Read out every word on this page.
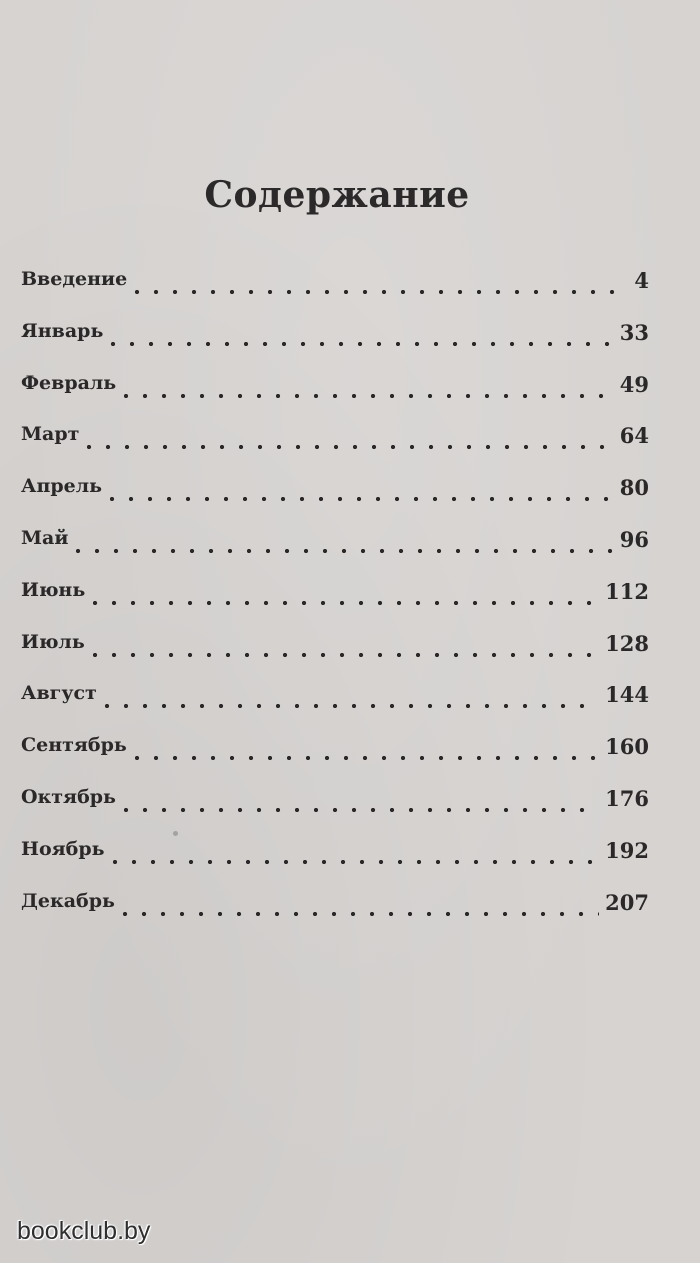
Содержание
Введение	4
Январь	33
Февраль	49
Март	64
Апрель	80
Май	96
Июнь	112
Июль	128
Август	144
Сентябрь	160
Октябрь	176
Ноябрь	192
Декабрь	207
bookclub.by
